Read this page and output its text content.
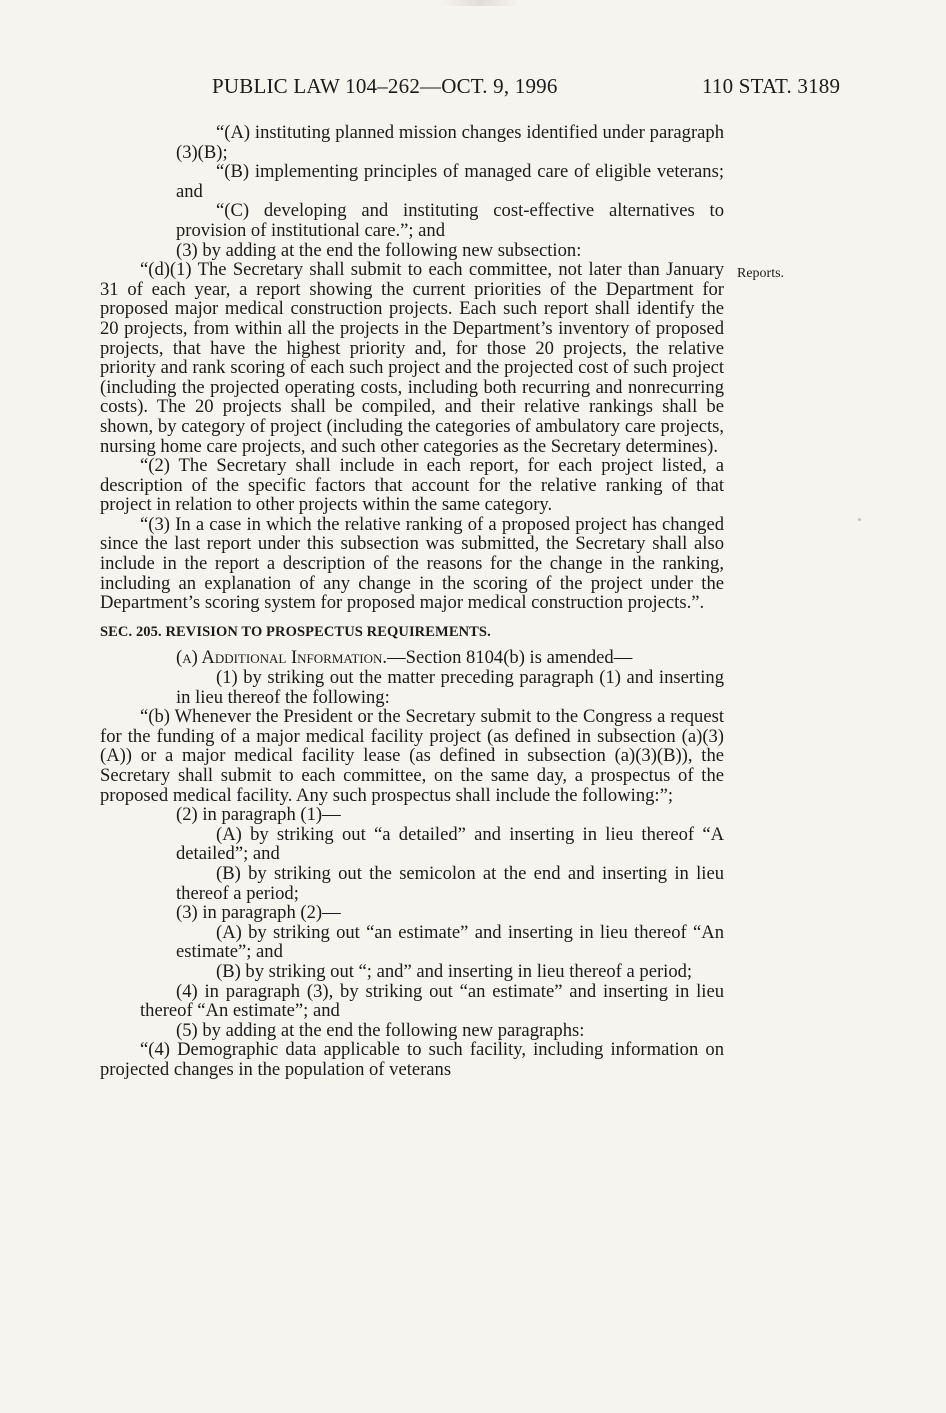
PUBLIC LAW 104–262—OCT. 9, 1996	110 STAT. 3189
Reports.

“(A) instituting planned mission changes identified under paragraph (3)(B);

“(B) implementing principles of managed care of eligible veterans; and

“(C) developing and instituting cost-effective alternatives to provision of institutional care.”; and

(3) by adding at the end the following new subsection:

“(d)(1) The Secretary shall submit to each committee, not later than January 31 of each year, a report showing the current priorities of the Department for proposed major medical construction projects. Each such report shall identify the 20 projects, from within all the projects in the Department’s inventory of proposed projects, that have the highest priority and, for those 20 projects, the relative priority and rank scoring of each such project and the projected cost of such project (including the projected operating costs, including both recurring and nonrecurring costs). The 20 projects shall be compiled, and their relative rankings shall be shown, by category of project (including the categories of ambulatory care projects, nursing home care projects, and such other categories as the Secretary determines).

“(2) The Secretary shall include in each report, for each project listed, a description of the specific factors that account for the relative ranking of that project in relation to other projects within the same category.

“(3) In a case in which the relative ranking of a proposed project has changed since the last report under this subsection was submitted, the Secretary shall also include in the report a description of the reasons for the change in the ranking, including an explanation of any change in the scoring of the project under the Department’s scoring system for proposed major medical construction projects.”.

SEC. 205. REVISION TO PROSPECTUS REQUIREMENTS.

(a) Additional Information.—Section 8104(b) is amended—

(1) by striking out the matter preceding paragraph (1) and inserting in lieu thereof the following:

“(b) Whenever the President or the Secretary submit to the Congress a request for the funding of a major medical facility project (as defined in subsection (a)(3)(A)) or a major medical facility lease (as defined in subsection (a)(3)(B)), the Secretary shall submit to each committee, on the same day, a prospectus of the proposed medical facility. Any such prospectus shall include the following:”;

(2) in paragraph (1)—

(A) by striking out “a detailed” and inserting in lieu thereof “A detailed”; and

(B) by striking out the semicolon at the end and inserting in lieu thereof a period;

(3) in paragraph (2)—

(A) by striking out “an estimate” and inserting in lieu thereof “An estimate”; and

(B) by striking out “; and” and inserting in lieu thereof a period;

(4) in paragraph (3), by striking out “an estimate” and inserting in lieu thereof “An estimate”; and

(5) by adding at the end the following new paragraphs:

“(4) Demographic data applicable to such facility, including information on projected changes in the population of veterans
